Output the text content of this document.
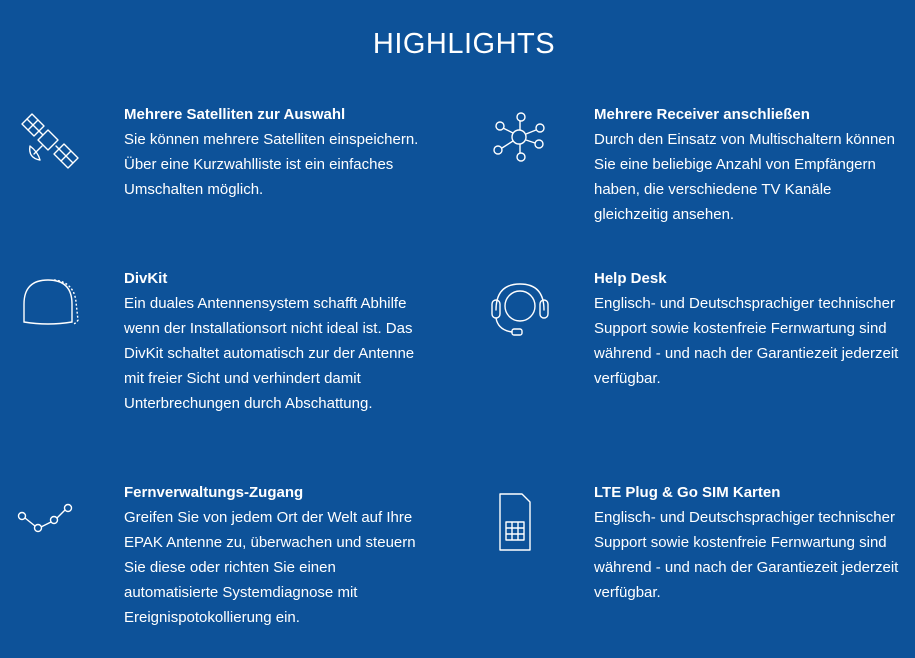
HIGHLIGHTS
Mehrere Satelliten zur Auswahl

Sie können mehrere Satelliten einspeichern. Über eine Kurzwahlliste ist ein einfaches Umschalten möglich.

Mehrere Receiver anschließen

Durch den Einsatz von Multischaltern können Sie eine beliebige Anzahl von Empfängern haben, die verschiedene TV Kanäle gleichzeitig ansehen.

DivKit

Ein duales Antennensystem schafft Abhilfe wenn der Installationsort nicht ideal ist. Das DivKit schaltet automatisch zur der Antenne mit freier Sicht und verhindert damit Unterbrechungen durch Abschattung.

Help Desk

Englisch- und Deutschsprachiger technischer Support sowie kostenfreie Fernwartung sind während - und nach der Garantiezeit jederzeit verfügbar.

Fernverwaltungs-Zugang

Greifen Sie von jedem Ort der Welt auf Ihre EPAK Antenne zu, überwachen und steuern Sie diese oder richten Sie einen automatisierte Systemdiagnose mit Ereignispotokollierung ein.

LTE Plug & Go SIM Karten

Englisch- und Deutschsprachiger technischer Support sowie kostenfreie Fernwartung sind während - und nach der Garantiezeit jederzeit verfügbar.
